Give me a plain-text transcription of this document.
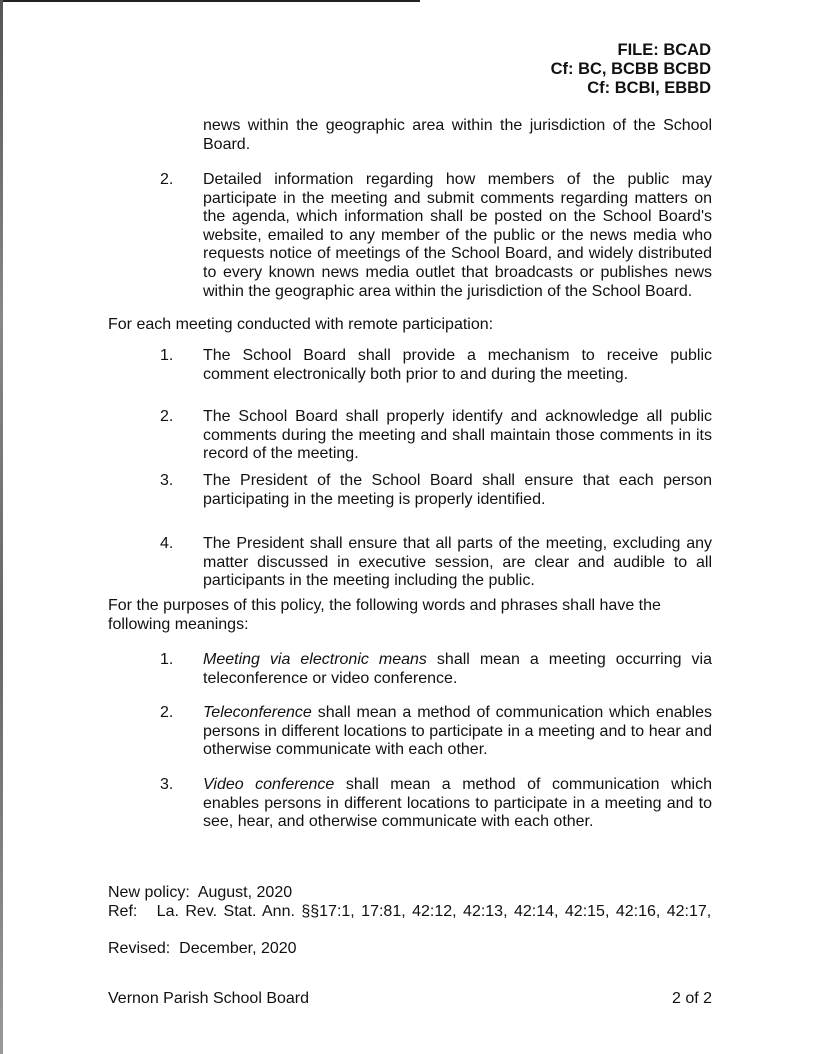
FILE: BCAD
Cf: BC, BCBB BCBD
Cf: BCBI, EBBD
news within the geographic area within the jurisdiction of the School Board.
2. Detailed information regarding how members of the public may participate in the meeting and submit comments regarding matters on the agenda, which information shall be posted on the School Board's website, emailed to any member of the public or the news media who requests notice of meetings of the School Board, and widely distributed to every known news media outlet that broadcasts or publishes news within the geographic area within the jurisdiction of the School Board.
For each meeting conducted with remote participation:
1. The School Board shall provide a mechanism to receive public comment electronically both prior to and during the meeting.
2. The School Board shall properly identify and acknowledge all public comments during the meeting and shall maintain those comments in its record of the meeting.
3. The President of the School Board shall ensure that each person participating in the meeting is properly identified.
4. The President shall ensure that all parts of the meeting, excluding any matter discussed in executive session, are clear and audible to all participants in the meeting including the public.
For the purposes of this policy, the following words and phrases shall have the following meanings:
1. Meeting via electronic means shall mean a meeting occurring via teleconference or video conference.
2. Teleconference shall mean a method of communication which enables persons in different locations to participate in a meeting and to hear and otherwise communicate with each other.
3. Video conference shall mean a method of communication which enables persons in different locations to participate in a meeting and to see, hear, and otherwise communicate with each other.

New policy:  August, 2020

Revised:  December, 2020

Ref:   La. Rev. Stat. Ann. §§17:1, 17:81, 42:12, 42:13, 42:14, 42:15, 42:16, 42:17,
Vernon Parish School Board	2 of 2
